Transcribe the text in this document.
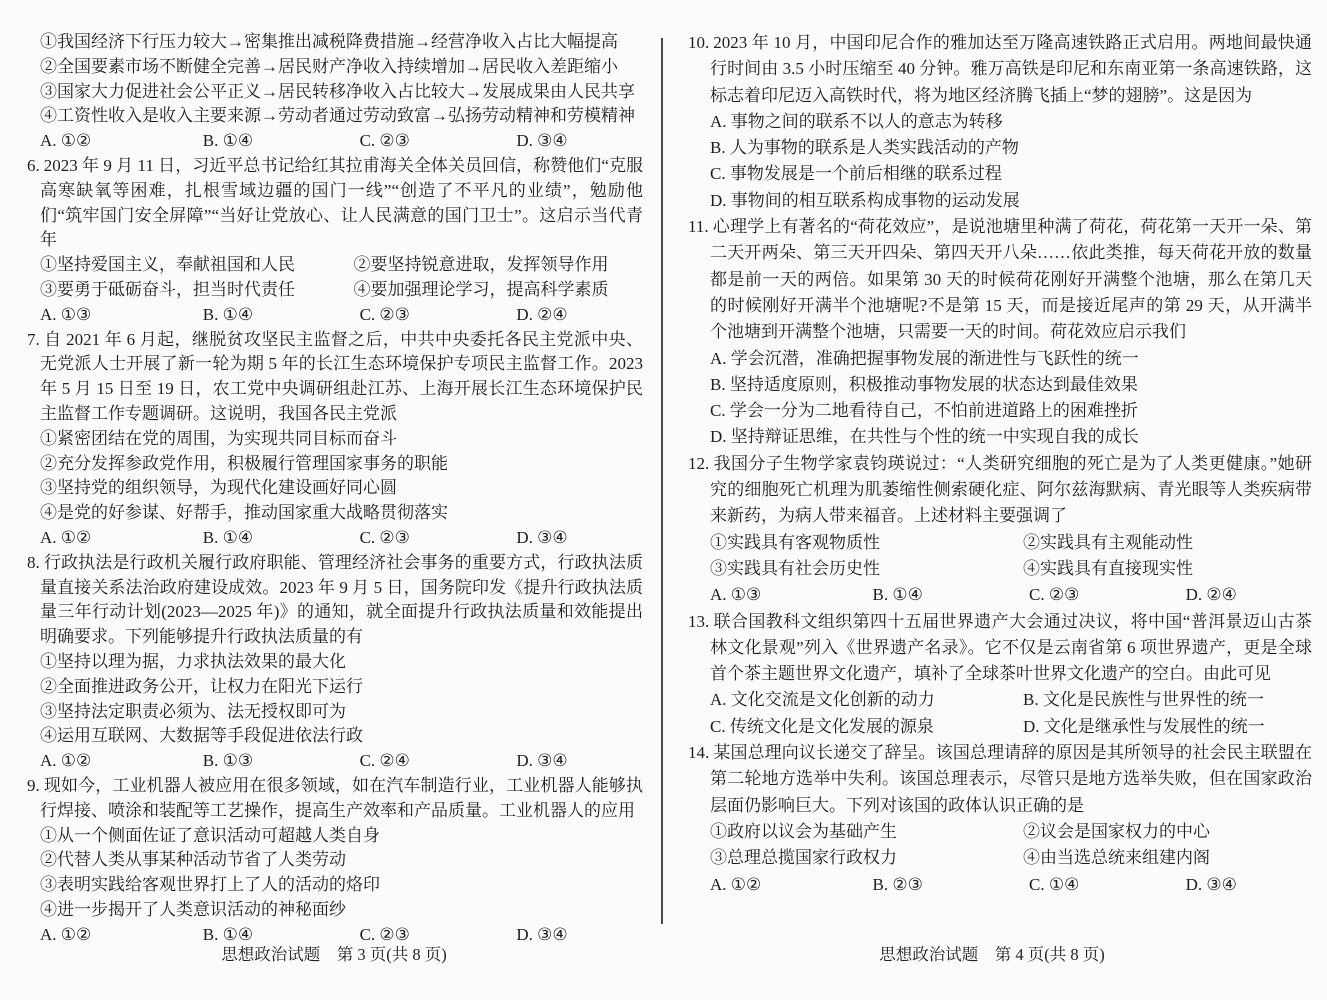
①我国经济下行压力较大→密集推出减税降费措施→经营净收入占比大幅提高

②全国要素市场不断健全完善→居民财产净收入持续增加→居民收入差距缩小

③国家大力促进社会公平正义→居民转移净收入占比较大→发展成果由人民共享

④工资性收入是收入主要来源→劳动者通过劳动致富→弘扬劳动精神和劳模精神

A. ①②	B. ①④	C. ②③	D. ③④

6. 2023 年 9 月 11 日，习近平总书记给红其拉甫海关全体关员回信，称赞他们“克服高寒缺氧等困难，扎根雪域边疆的国门一线”“创造了不平凡的业绩”，勉励他们“筑牢国门安全屏障”“当好让党放心、让人民满意的国门卫士”。这启示当代青年

①坚持爱国主义，奉献祖国和人民	②要坚持锐意进取，发挥领导作用
③要勇于砥砺奋斗，担当时代责任	④要加强理论学习，提高科学素质
A. ①③	B. ①④	C. ②③	D. ②④

7. 自 2021 年 6 月起，继脱贫攻坚民主监督之后，中共中央委托各民主党派中央、无党派人士开展了新一轮为期 5 年的长江生态环境保护专项民主监督工作。2023 年 5 月 15 日至 19 日，农工党中央调研组赴江苏、上海开展长江生态环境保护民主监督工作专题调研。这说明，我国各民主党派

①紧密团结在党的周围，为实现共同目标而奋斗

②充分发挥参政党作用，积极履行管理国家事务的职能

③坚持党的组织领导，为现代化建设画好同心圆

④是党的好参谋、好帮手，推动国家重大战略贯彻落实

A. ①②	B. ①④	C. ②③	D. ③④

8. 行政执法是行政机关履行政府职能、管理经济社会事务的重要方式，行政执法质量直接关系法治政府建设成效。2023 年 9 月 5 日，国务院印发《提升行政执法质量三年行动计划(2023—2025 年)》的通知，就全面提升行政执法质量和效能提出明确要求。下列能够提升行政执法质量的有

①坚持以理为据，力求执法效果的最大化

②全面推进政务公开，让权力在阳光下运行

③坚持法定职责必须为、法无授权即可为

④运用互联网、大数据等手段促进依法行政

A. ①②	B. ①③	C. ②④	D. ③④

9. 现如今，工业机器人被应用在很多领域，如在汽车制造行业，工业机器人能够执行焊接、喷涂和装配等工艺操作，提高生产效率和产品质量。工业机器人的应用

①从一个侧面佐证了意识活动可超越人类自身

②代替人类从事某种活动节省了人类劳动

③表明实践给客观世界打上了人的活动的烙印

④进一步揭开了人类意识活动的神秘面纱

A. ①②	B. ①④	C. ②③	D. ③④

10. 2023 年 10 月，中国印尼合作的雅加达至万隆高速铁路正式启用。两地间最快通行时间由 3.5 小时压缩至 40 分钟。雅万高铁是印尼和东南亚第一条高速铁路，这标志着印尼迈入高铁时代，将为地区经济腾飞插上“梦的翅膀”。这是因为

A. 事物之间的联系不以人的意志为转移

B. 人为事物的联系是人类实践活动的产物

C. 事物发展是一个前后相继的联系过程

D. 事物间的相互联系构成事物的运动发展

11. 心理学上有著名的“荷花效应”，是说池塘里种满了荷花，荷花第一天开一朵、第二天开两朵、第三天开四朵、第四天开八朵……依此类推，每天荷花开放的数量都是前一天的两倍。如果第 30 天的时候荷花刚好开满整个池塘，那么在第几天的时候刚好开满半个池塘呢?不是第 15 天，而是接近尾声的第 29 天，从开满半个池塘到开满整个池塘，只需要一天的时间。荷花效应启示我们

A. 学会沉潜，准确把握事物发展的渐进性与飞跃性的统一

B. 坚持适度原则，积极推动事物发展的状态达到最佳效果

C. 学会一分为二地看待自己，不怕前进道路上的困难挫折

D. 坚持辩证思维，在共性与个性的统一中实现自我的成长

12. 我国分子生物学家袁钧瑛说过：“人类研究细胞的死亡是为了人类更健康。”她研究的细胞死亡机理为肌萎缩性侧索硬化症、阿尔兹海默病、青光眼等人类疾病带来新药，为病人带来福音。上述材料主要强调了

①实践具有客观物质性	②实践具有主观能动性
③实践具有社会历史性	④实践具有直接现实性
A. ①③	B. ①④	C. ②③	D. ②④

13. 联合国教科文组织第四十五届世界遗产大会通过决议，将中国“普洱景迈山古茶林文化景观”列入《世界遗产名录》。它不仅是云南省第 6 项世界遗产，更是全球首个茶主题世界文化遗产，填补了全球茶叶世界文化遗产的空白。由此可见

A. 文化交流是文化创新的动力	B. 文化是民族性与世界性的统一
C. 传统文化是文化发展的源泉	D. 文化是继承性与发展性的统一

14. 某国总理向议长递交了辞呈。该国总理请辞的原因是其所领导的社会民主联盟在第二轮地方选举中失利。该国总理表示，尽管只是地方选举失败，但在国家政治层面仍影响巨大。下列对该国的政体认识正确的是

①政府以议会为基础产生	②议会是国家权力的中心
③总理总揽国家行政权力	④由当选总统来组建内阁
A. ①②	B. ②③	C. ①④	D. ③④
思想政治试题　第 3 页(共 8 页)	思想政治试题　第 4 页(共 8 页)
